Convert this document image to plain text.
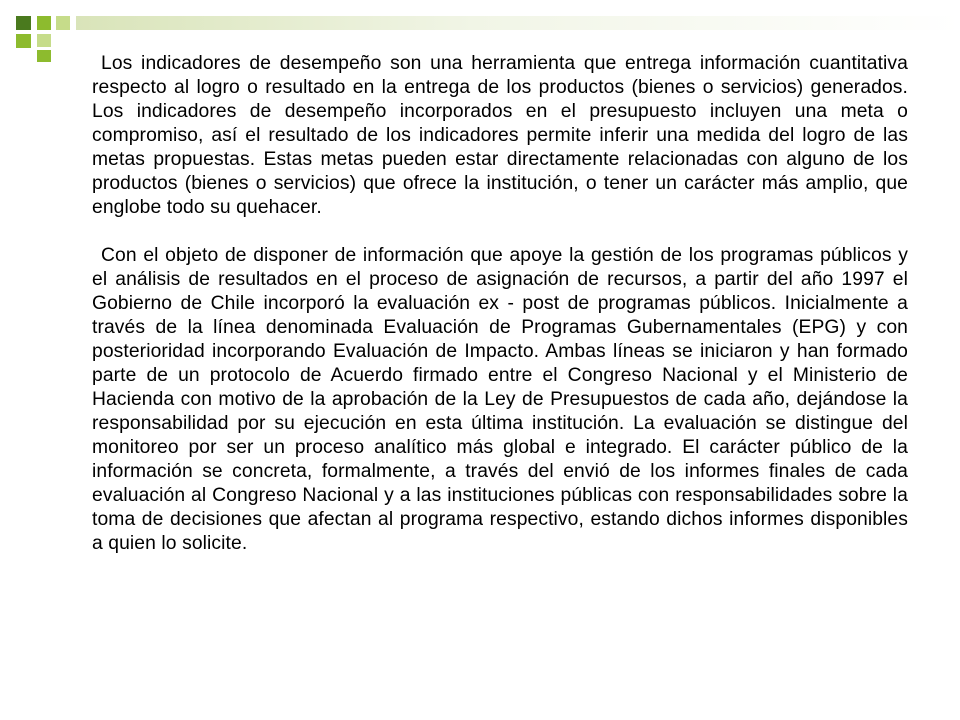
Los indicadores de desempeño son una herramienta que entrega información cuantitativa respecto al logro o resultado en la entrega de los productos (bienes o servicios) generados. Los indicadores de desempeño incorporados en el presupuesto incluyen una meta o compromiso, así el resultado de los indicadores permite inferir una medida del logro de las metas propuestas. Estas metas pueden estar directamente relacionadas con alguno de los productos (bienes o servicios) que ofrece la institución, o tener un carácter más amplio, que englobe todo su quehacer.

Con el objeto de disponer de información que apoye la gestión de los programas públicos y el análisis de resultados en el proceso de asignación de recursos, a partir del año 1997 el Gobierno de Chile incorporó la evaluación ex - post de programas públicos. Inicialmente a través de la línea denominada Evaluación de Programas Gubernamentales (EPG) y con posterioridad incorporando Evaluación de Impacto. Ambas líneas se iniciaron y han formado parte de un protocolo de Acuerdo firmado entre el Congreso Nacional y el Ministerio de Hacienda con motivo de la aprobación de la Ley de Presupuestos de cada año, dejándose la responsabilidad por su ejecución en esta última institución. La evaluación se distingue del monitoreo por ser un proceso analítico más global e integrado. El carácter público de la información se concreta, formalmente, a través del envió de los informes finales de cada evaluación al Congreso Nacional y a las instituciones públicas con responsabilidades sobre la toma de decisiones que afectan al programa respectivo, estando dichos informes disponibles a quien lo solicite.
